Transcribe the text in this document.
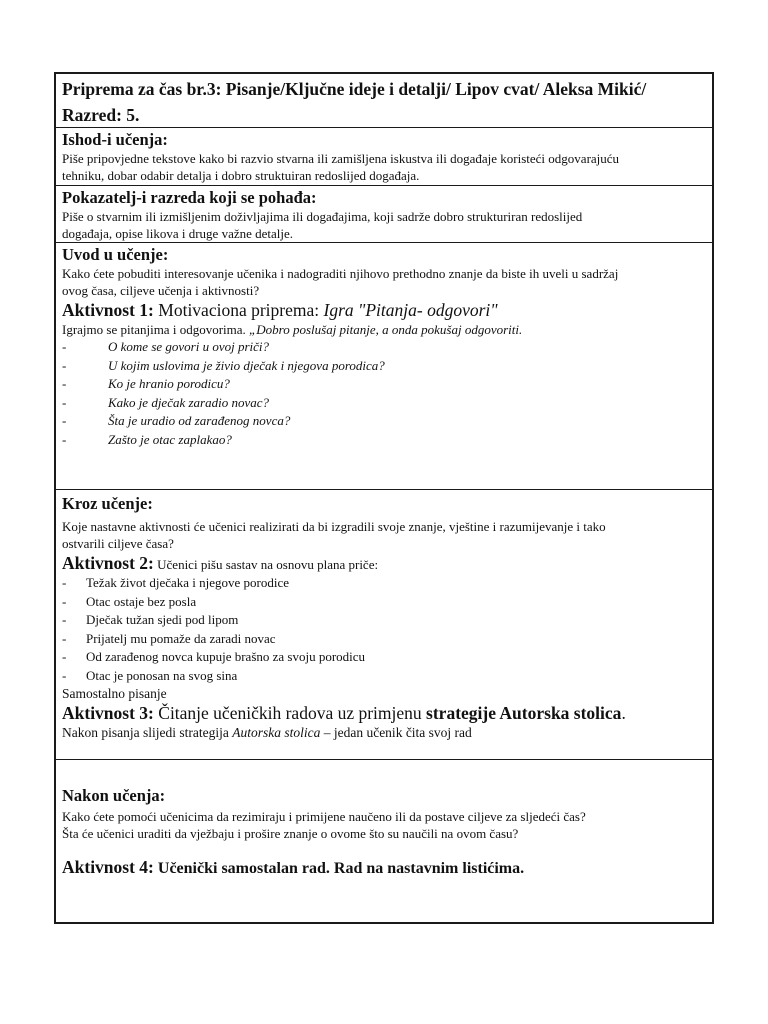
Priprema za čas br.3: Pisanje/Ključne ideje i detalji/ Lipov cvat/ Aleksa Mikić/
Razred: 5.
Ishod-i učenja:
Piše pripovjedne tekstove kako bi razvio stvarna ili zamišljena iskustva ili događaje koristeći odgovarajuću
tehniku, dobar odabir detalja i dobro struktuiran redoslijed događaja.
Pokazatelj-i razreda koji se pohađa:
Piše o stvarnim ili izmišljenim doživljajima ili događajima, koji sadrže dobro strukturiran redoslijed
događaja, opise likova i druge važne detalje.
Uvod u učenje:
Kako ćete pobuditi interesovanje učenika i nadograditi njihovo prethodno znanje da biste ih uveli u sadržaj
ovog časa, ciljeve učenja i aktivnosti?
Aktivnost 1: Motivaciona priprema: Igra "Pitanja- odgovori"
Igrajmo se pitanjima i odgovorima. „Dobro poslušaj pitanje, a onda pokušaj odgovoriti.
-	O kome se govori u ovoj priči?
-	U kojim uslovima je živio dječak i njegova porodica?
-	Ko je hranio porodicu?
-	Kako je dječak zaradio novac?
-	Šta je uradio od zarađenog novca?
-	Zašto je otac zaplakao?
Kroz učenje:
Koje nastavne aktivnosti će učenici realizirati da bi izgradili svoje znanje, vještine i razumijevanje i tako
ostvarili ciljeve časa?
Aktivnost 2: Učenici pišu sastav na osnovu plana priče:
- Težak život dječaka i njegove porodice
- Otac ostaje bez posla
- Dječak tužan sjedi pod lipom
- Prijatelj mu pomaže da zaradi novac
- Od zarađenog novca kupuje brašno za svoju porodicu
- Otac je ponosan na svog sina
Samostalno pisanje
Aktivnost 3: Čitanje učeničkih radova uz primjenu strategije Autorska stolica.
Nakon pisanja slijedi strategija Autorska stolica – jedan učenik čita svoj rad
Nakon učenja:
Kako ćete pomoći učenicima da rezimiraju i primijene naučeno ili da postave ciljeve za sljedeći čas?
Šta će učenici uraditi da vježbaju i prošire znanje o ovome što su naučili na ovom času?
Aktivnost 4: Učenički samostalan rad. Rad na nastavnim listićima.
